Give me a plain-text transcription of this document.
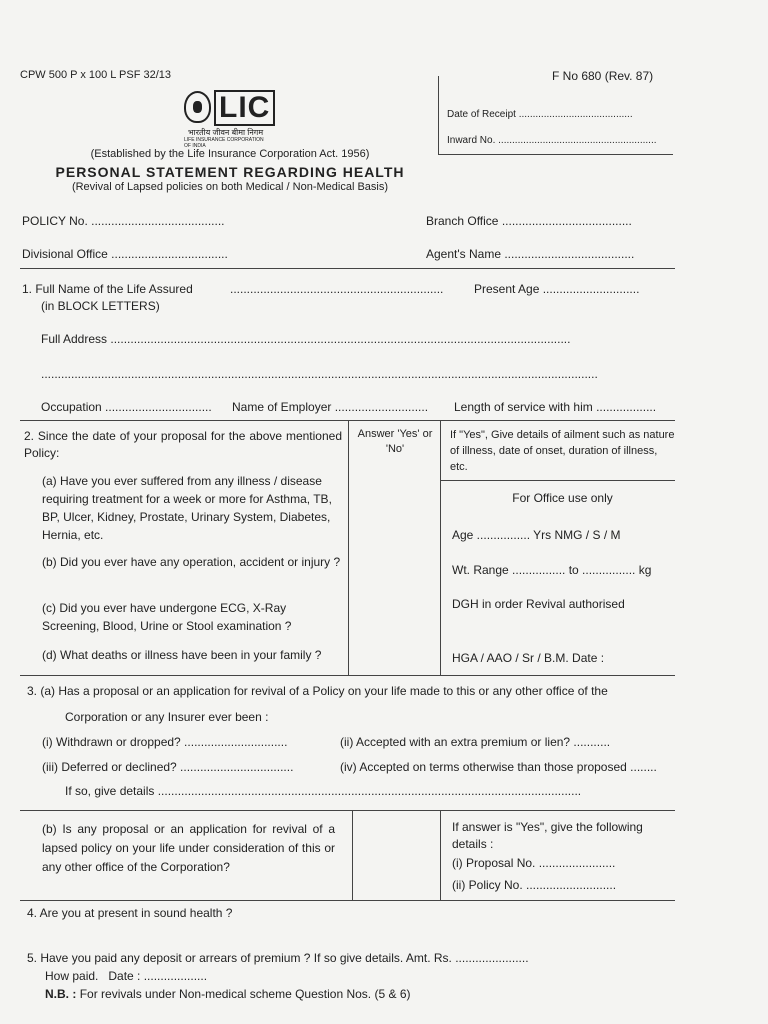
CPW 500 P x 100 L PSF 32/13	F No 680 (Rev. 87)
Date of Receipt .........................................
Inward No. .........................................................
LIC
भारतीय जीवन बीमा निगम
LIFE INSURANCE CORPORATION OF INDIA
(Established by the Life Insurance Corporation Act. 1956)
PERSONAL STATEMENT REGARDING HEALTH
(Revival of Lapsed policies on both Medical / Non-Medical Basis)
POLICY No. ........................................	Branch Office .......................................
Divisional Office ...................................	Agent's Name .......................................
1. Full Name of the Life Assured	................................................................	Present Age .............................
(in BLOCK LETTERS)
Full Address ..........................................................................................................................................
.......................................................................................................................................................................
Occupation ................................ Name of Employer ............................ Length of service with him ..................
2. Since the date of your proposal for the above mentioned Policy:
Answer 'Yes' or 'No'
If "Yes", Give details of ailment such as nature of illness, date of onset, duration of illness, etc.
(a) Have you ever suffered from any illness / disease requiring treatment for a week or more for Asthma, TB, BP, Ulcer, Kidney, Prostate, Urinary System, Diabetes, Hernia, etc.
(b) Did you ever have any operation, accident or injury ?
(c) Did you ever have undergone ECG, X-Ray Screening, Blood, Urine or Stool examination ?
(d) What deaths or illness have been in your family ?
For Office use only
Age ................ Yrs NMG / S / M
Wt. Range ................ to ................ kg
DGH in order Revival authorised
HGA / AAO / Sr / B.M. Date :
3. (a) Has a proposal or an application for revival of a Policy on your life made to this or any other office of the
Corporation or any Insurer ever been :
(i) Withdrawn or dropped? ...............................	(ii) Accepted with an extra premium or lien? ...........
(iii) Deferred or declined? ..................................	(iv) Accepted on terms otherwise than those proposed ........
If so, give details ...............................................................................................................................
(b) Is any proposal or an application for revival of a lapsed policy on your life under consideration of this or any other office of the Corporation?
If answer is "Yes", give the following details :
(i) Proposal No. .......................
(ii) Policy No. ...........................
4. Are you at present in sound health ?
5. Have you paid any deposit or arrears of premium ? If so give details. Amt. Rs. ......................
How paid.   Date : ...................
N.B. : For revivals under Non-medical scheme Question Nos. (5 & 6)
